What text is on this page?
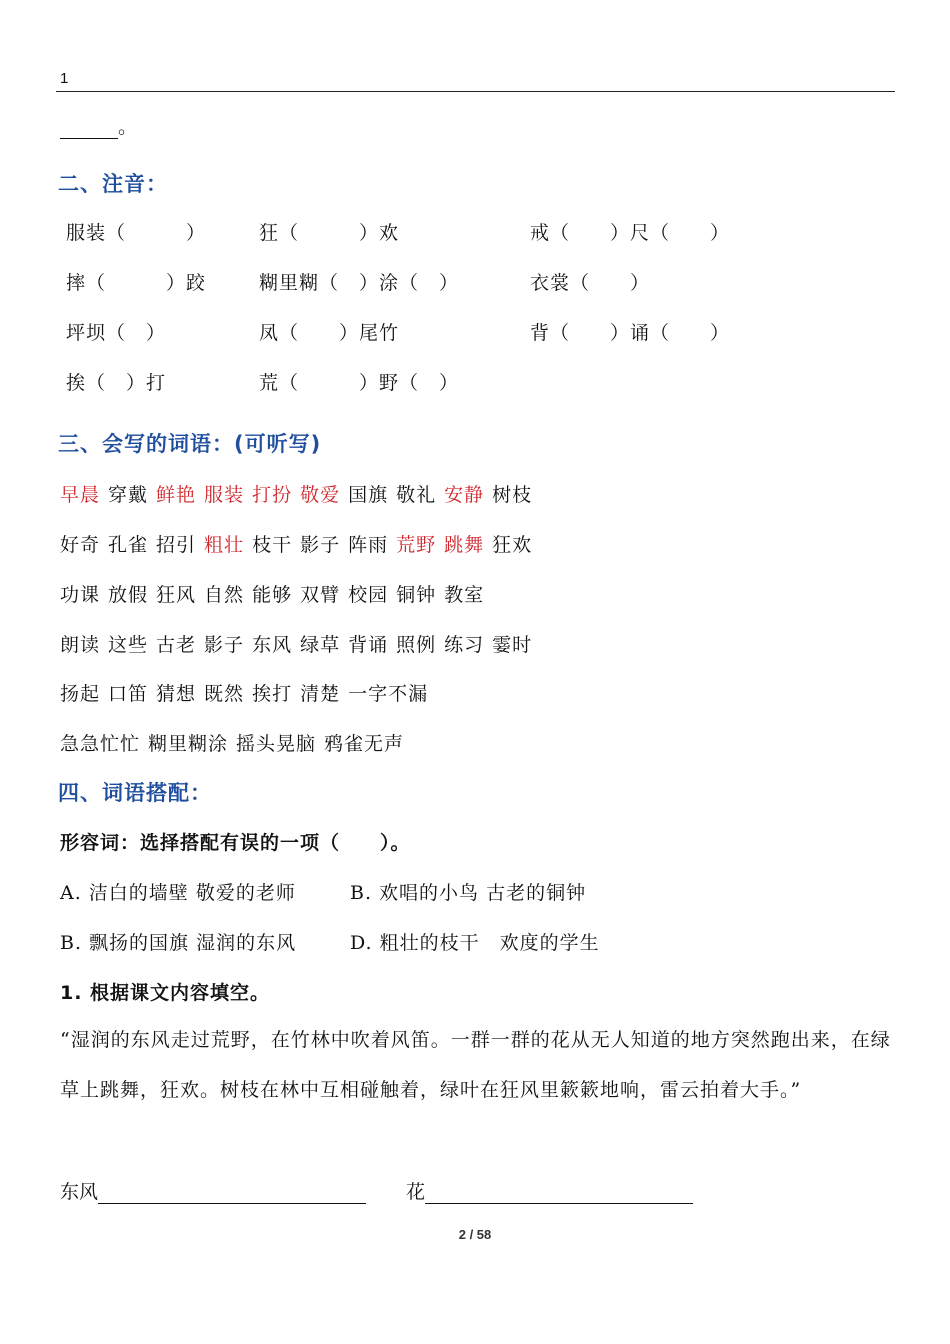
1
。
二、注音：
服装（　　　）	狂（　　　）欢	戒（　　）尺（　　）
摔（　　　）跤	糊里糊（　）涂（　）	衣裳（　　）
坪坝（　）	凤（　　）尾竹	背（　　）诵（　　）
挨（　）打	荒（　　　）野（　）
三、会写的词语：(可听写)
早晨 穿戴 鲜艳 服装 打扮 敬爱 国旗 敬礼 安静 树枝
好奇 孔雀 招引 粗壮 枝干 影子 阵雨 荒野 跳舞 狂欢
功课 放假 狂风 自然 能够 双臂 校园 铜钟 教室
朗读 这些 古老 影子 东风 绿草 背诵 照例 练习 霎时
扬起 口笛 猜想 既然 挨打 清楚 一字不漏
急急忙忙 糊里糊涂 摇头晃脑 鸦雀无声
四、词语搭配：
形容词：选择搭配有误的一项（　　）。
A. 洁白的墙壁 敬爱的老师	B. 欢唱的小鸟 古老的铜钟
B. 飘扬的国旗 湿润的东风	D. 粗壮的枝干　欢度的学生
1. 根据课文内容填空。
“湿润的东风走过荒野，在竹林中吹着风笛。一群一群的花从无人知道的地方突然跑出来，在绿草上跳舞，狂欢。树枝在林中互相碰触着，绿叶在狂风里簌簌地响，雷云拍着大手。”
东风	花
2 / 58
